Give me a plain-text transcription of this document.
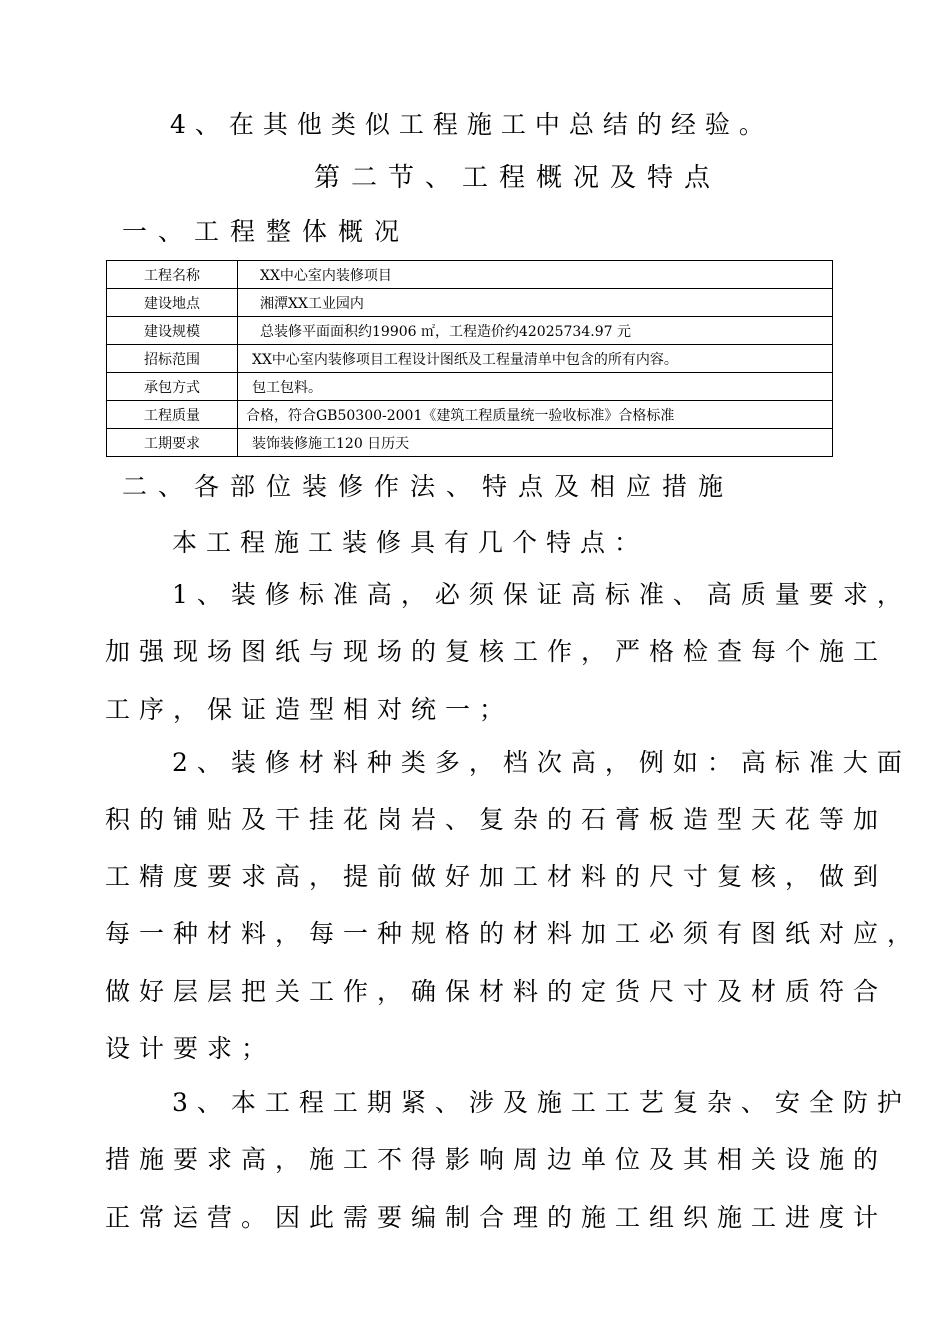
4、在其他类似工程施工中总结的经验。
第二节、工程概况及特点
一、工程整体概况
工程名称	XX中心室内装修项目
建设地点	湘潭XX工业园内
建设规模	总装修平面面积约19906 ㎡，工程造价约42025734.97 元
招标范围	XX中心室内装修项目工程设计图纸及工程量清单中包含的所有内容。
承包方式	包工包料。
工程质量	合格，符合GB50300-2001《建筑工程质量统一验收标准》合格标准
工期要求	装饰装修施工120 日历天
二、各部位装修作法、特点及相应措施
本工程施工装修具有几个特点：
1、装修标准高，必须保证高标准、高质量要求，
加强现场图纸与现场的复核工作，严格检查每个施工
工序，保证造型相对统一；
2、装修材料种类多，档次高，例如：高标准大面
积的铺贴及干挂花岗岩、复杂的石膏板造型天花等加
工精度要求高，提前做好加工材料的尺寸复核，做到
每一种材料，每一种规格的材料加工必须有图纸对应，
做好层层把关工作，确保材料的定货尺寸及材质符合
设计要求；
3、本工程工期紧、涉及施工工艺复杂、安全防护
措施要求高，施工不得影响周边单位及其相关设施的
正常运营。因此需要编制合理的施工组织施工进度计
